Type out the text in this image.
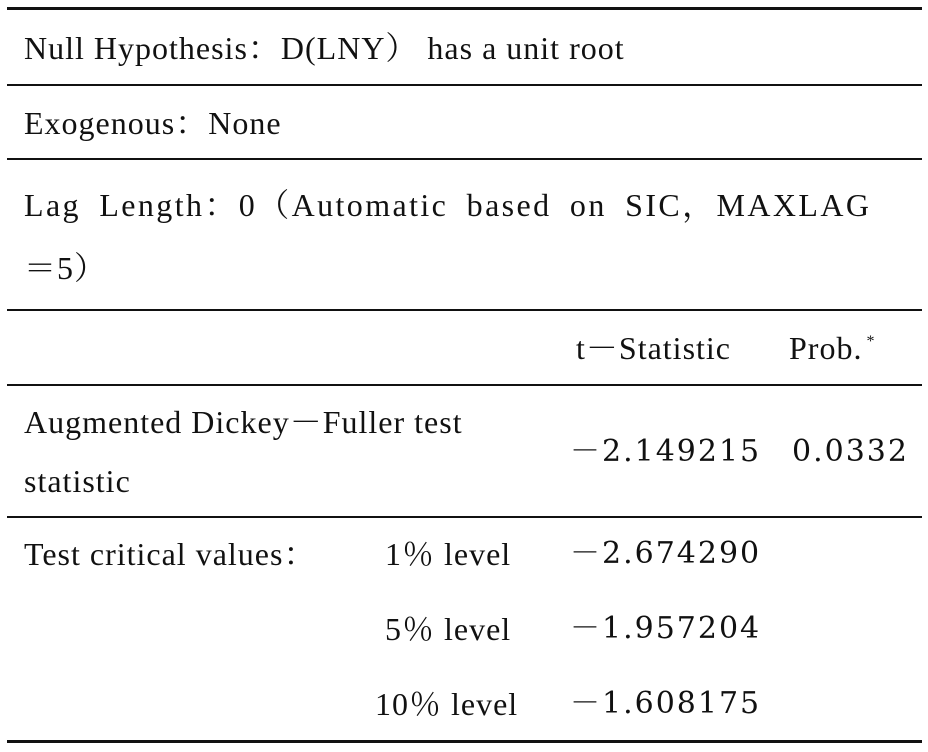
Null Hypothesis：D(LNY） has a unit root
Exogenous：None
Lag Length：0（Automatic based on SIC，MAXLAG
＝5）
t－Statistic Prob. *
Augmented Dickey－Fuller test
statistic
－2.149215 0.0332
Test critical values： 1％ level －2.674290
5％ level －1.957204
10％ level －1.608175
